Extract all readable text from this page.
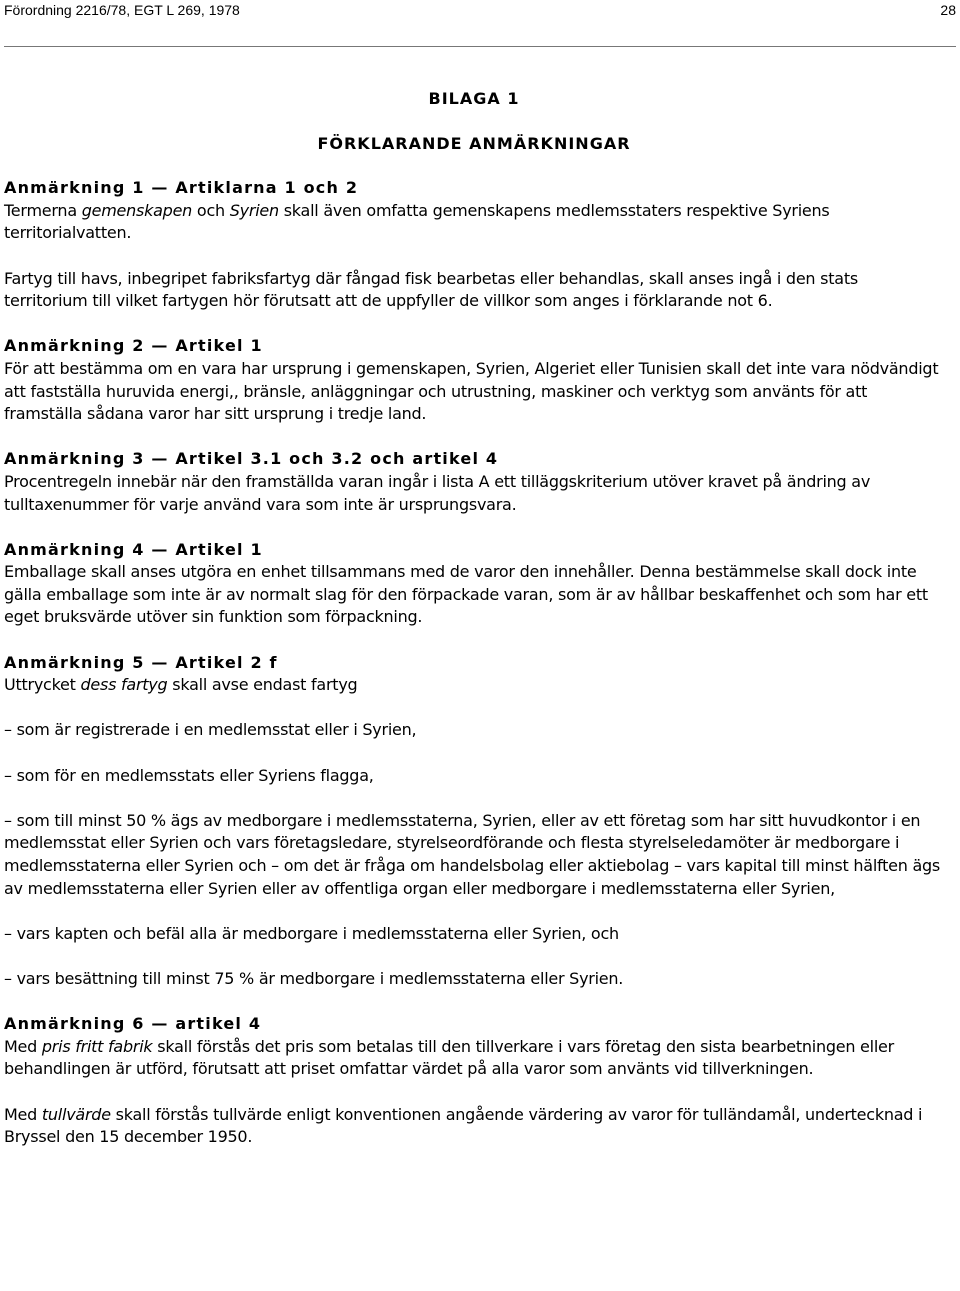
Förordning 2216/78, EGT L 269, 1978	28

BILAGA 1

FÖRKLARANDE ANMÄRKNINGAR

Anmärkning 1 — Artiklarna 1 och 2
Termerna gemenskapen och Syrien skall även omfatta gemenskapens medlemsstaters respektive Syriens territorialvatten.

Fartyg till havs, inbegripet fabriksfartyg där fångad fisk bearbetas eller behandlas, skall anses ingå i den stats territorium till vilket fartygen hör förutsatt att de uppfyller de villkor som anges i förklarande not 6.

Anmärkning 2 — Artikel 1
För att bestämma om en vara har ursprung i gemenskapen, Syrien, Algeriet eller Tunisien skall det inte vara nödvändigt att fastställa huruvida energi,, bränsle, anläggningar och utrustning, maskiner och verktyg som använts för att framställa sådana varor har sitt ursprung i tredje land.
Anmärkning 3 — Artikel 3.1 och 3.2 och artikel 4
Procentregeln innebär när den framställda varan ingår i lista A ett tilläggskriterium utöver kravet på ändring av tulltaxenummer för varje använd vara som inte är ursprungsvara.
Anmärkning 4 — Artikel 1
Emballage skall anses utgöra en enhet tillsammans med de varor den innehåller. Denna bestämmelse skall dock inte gälla emballage som inte är av normalt slag för den förpackade varan, som är av hållbar beskaffenhet och som har ett eget bruksvärde utöver sin funktion som förpackning.
Anmärkning 5 — Artikel 2 f
Uttrycket dess fartyg skall avse endast fartyg

– som är registrerade i en medlemsstat eller i Syrien,

– som för en medlemsstats eller Syriens flagga,

– som till minst 50 % ägs av medborgare i medlemsstaterna, Syrien, eller av ett företag som har sitt huvudkontor i en medlemsstat eller Syrien och vars företagsledare, styrelseordförande och flesta styrelseledamöter är medborgare i medlemsstaterna eller Syrien och – om det är fråga om handelsbolag eller aktiebolag – vars kapital till minst hälften ägs av medlemsstaterna eller Syrien eller av offentliga organ eller medborgare i medlemsstaterna eller Syrien,

– vars kapten och befäl alla är medborgare i medlemsstaterna eller Syrien, och

– vars besättning till minst 75 % är medborgare i medlemsstaterna eller Syrien.

Anmärkning 6 — artikel 4
Med pris fritt fabrik skall förstås det pris som betalas till den tillverkare i vars företag den sista bearbetningen eller behandlingen är utförd, förutsatt att priset omfattar värdet på alla varor som använts vid tillverkningen.

Med tullvärde skall förstås tullvärde enligt konventionen angående värdering av varor för tulländamål, undertecknad i Bryssel den 15 december 1950.
